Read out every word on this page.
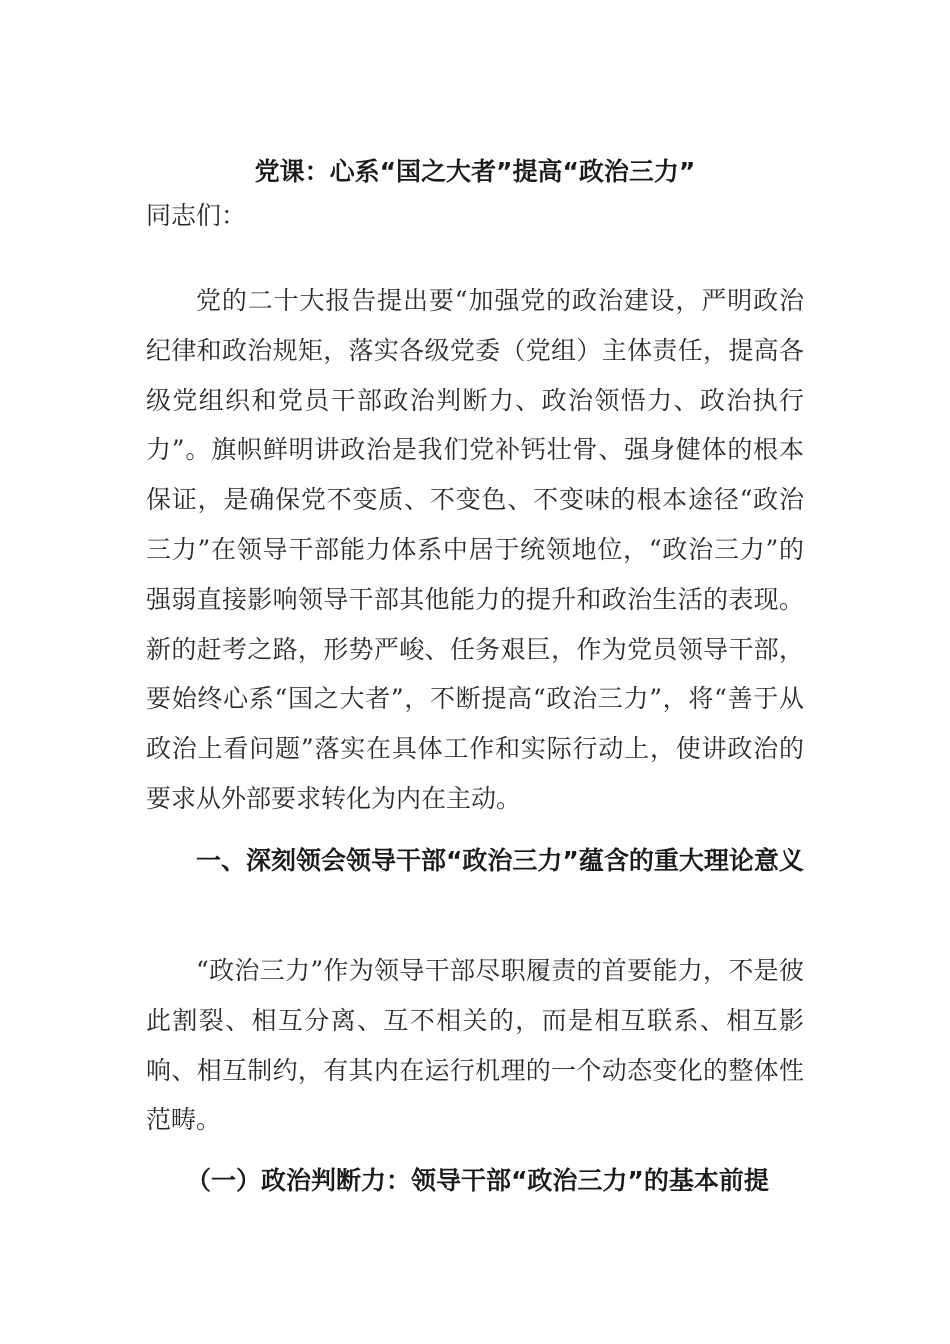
党课：心系“国之大者”提高“政治三力”
同志们：
党的二十大报告提出要“加强党的政治建设，严明政治纪律和政治规矩，落实各级党委（党组）主体责任，提高各级党组织和党员干部政治判断力、政治领悟力、政治执行力”。旗帜鲜明讲政治是我们党补钙壮骨、强身健体的根本保证，是确保党不变质、不变色、不变味的根本途径“政治三力”在领导干部能力体系中居于统领地位，“政治三力”的强弱直接影响领导干部其他能力的提升和政治生活的表现。新的赶考之路，形势严峻、任务艰巨，作为党员领导干部，要始终心系“国之大者”，不断提高“政治三力”，将“善于从政治上看问题”落实在具体工作和实际行动上，使讲政治的要求从外部要求转化为内在主动。
一、深刻领会领导干部“政治三力”蕴含的重大理论意义
“政治三力”作为领导干部尽职履责的首要能力，不是彼此割裂、相互分离、互不相关的，而是相互联系、相互影响、相互制约，有其内在运行机理的一个动态变化的整体性范畴。
（一）政治判断力：领导干部“政治三力”的基本前提
